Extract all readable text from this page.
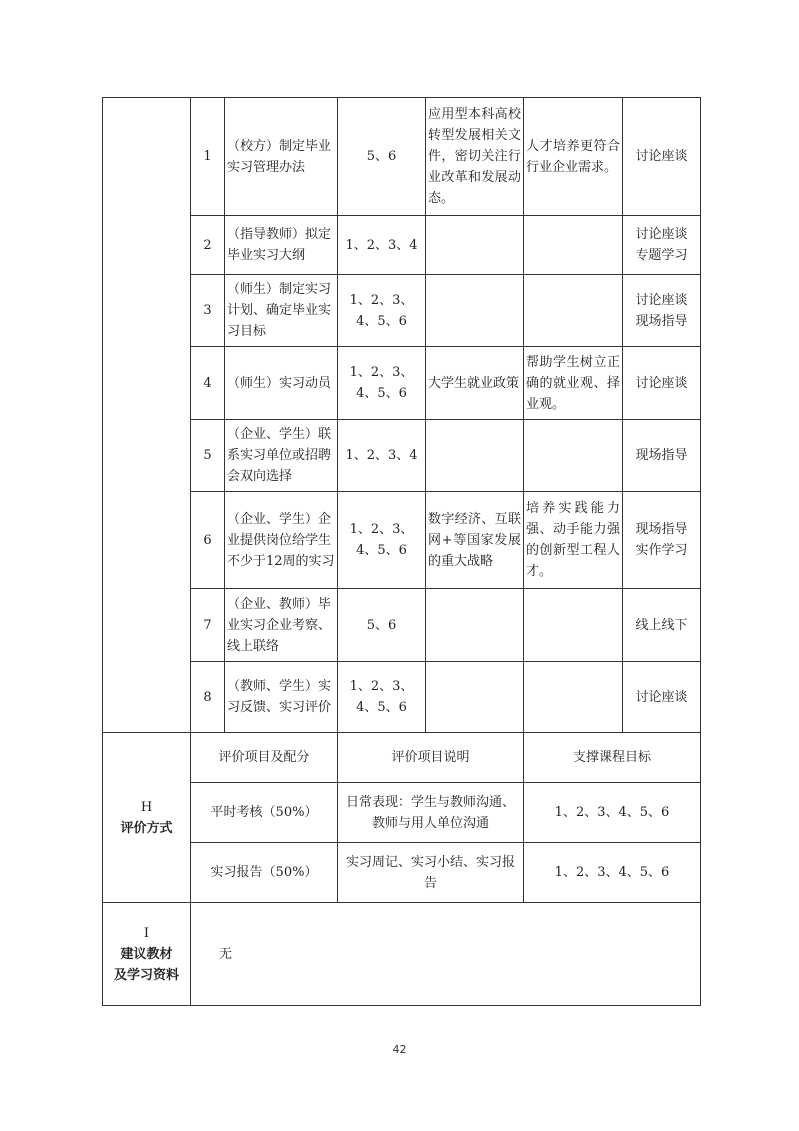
	1	（校方）制定毕业实习管理办法	5、6	应用型本科高校转型发展相关文件，密切关注行业改革和发展动态。	人才培养更符合行业企业需求。	讨论座谈
	2	（指导教师）拟定毕业实习大纲	1、2、3、4			讨论座谈
专题学习

	3	（师生）制定实习计划、确定毕业实习目标	1、2、3、4、5、6			讨论座谈
现场指导

	4	（师生）实习动员	1、2、3、4、5、6	大学生就业政策	帮助学生树立正确的就业观、择业观。	讨论座谈
	5	（企业、学生）联系实习单位或招聘会双向选择	1、2、3、4			现场指导
	6	（企业、学生）企业提供岗位给学生不少于12周的实习	1、2、3、4、5、6	数字经济、互联网+等国家发展的重大战略	培养实践能力强、动手能力强的创新型工程人才。	现场指导
实作学习

	7	（企业、教师）毕业实习企业考察、线上联络	5、6			线上线下
	8	（教师、学生）实习反馈、实习评价	1、2、3、4、5、6			讨论座谈

H
评价方式	评价项目及配分		评价项目说明		支撑课程目标	
	平时考核（50%）		日常表现：学生与教师沟通、教师与用人单位沟通		1、2、3、4、5、6	
	实习报告（50%）		实习周记、实习小结、实习报告		1、2、3、4、5、6	

I
建议教材
及学习资料	无					
42
